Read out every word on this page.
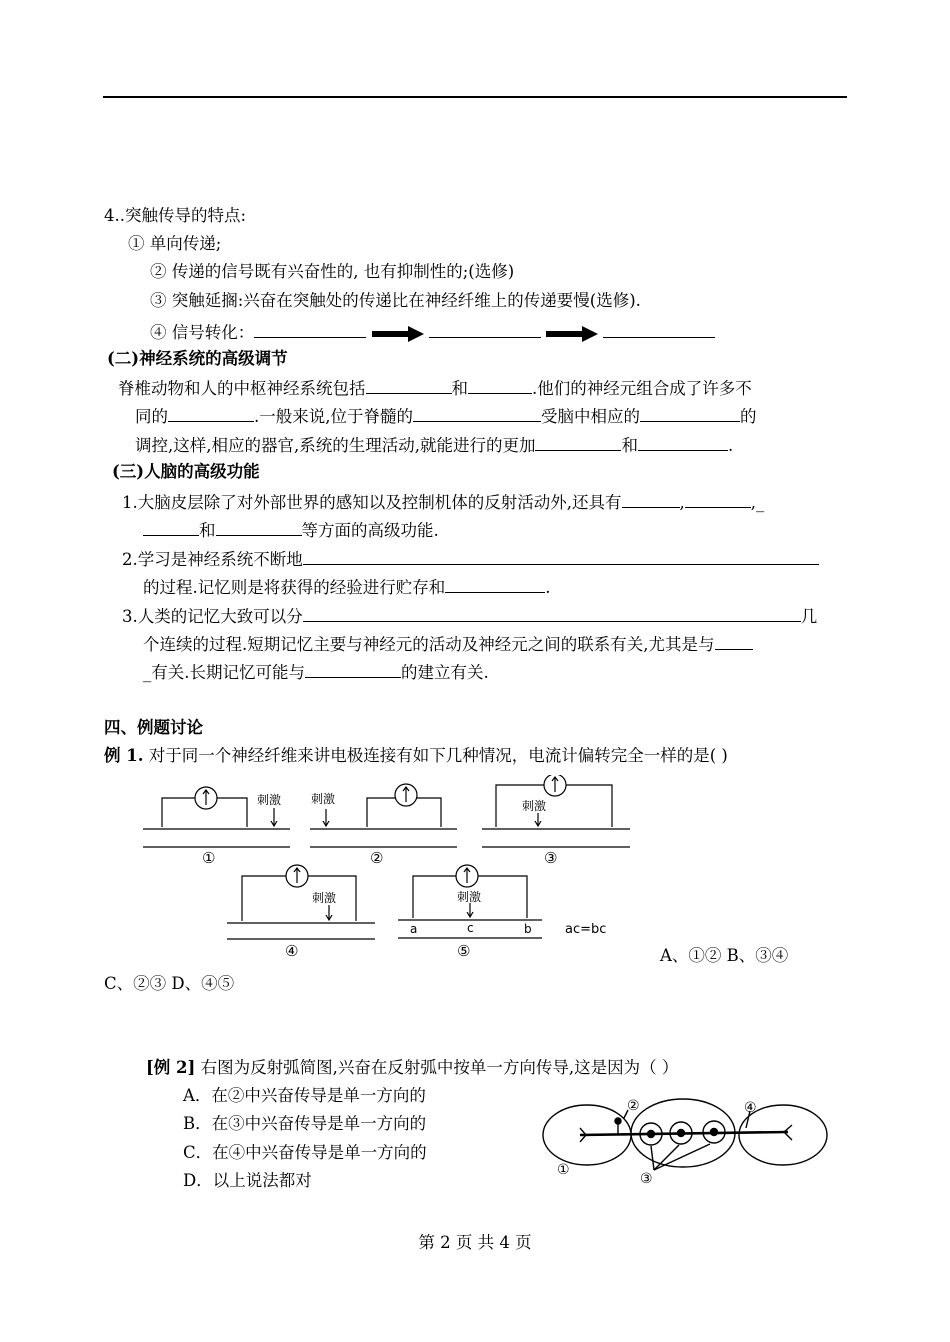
4..突触传导的特点:
① 单向传递;
② 传递的信号既有兴奋性的, 也有抑制性的;(选修)
③ 突触延搁:兴奋在突触处的传递比在神经纤维上的传递要慢(选修).
④ 信号转化：
(二)神经系统的高级调节
脊椎动物和人的中枢神经系统包括	和	.他们的神经元组合成了许多不
同的	.一般来说,位于脊髓的	受脑中相应的	的
调控,这样,相应的器官,系统的生理活动,就能进行的更加	和	.
(三)人脑的高级功能
1.大脑皮层除了对外部世界的感知以及控制机体的反射活动外,还具有	,	,_
和	等方面的高级功能.
2.学习是神经系统不断地
的过程.记忆则是将获得的经验进行贮存和	.
3.人类的记忆大致可以分	几
个连续的过程.短期记忆主要与神经元的活动及神经元之间的联系有关,尤其是与
_有关.长期记忆可能与	的建立有关.
四、例题讨论
例 1. 对于同一个神经纤维来讲电极连接有如下几种情况，电流计偏转完全一样的是( )
刺激
①
刺激
②
刺激
③
刺激
④
刺激
a	c	b
⑤
ac=bc
A、①② B、③④
C、②③ D、④⑤
[例 2] 右图为反射弧简图,兴奋在反射弧中按单一方向传导,这是因为（ ）
A．在②中兴奋传导是单一方向的
B．在③中兴奋传导是单一方向的
C．在④中兴奋传导是单一方向的
D．以上说法都对
②	④
①
③
第 2 页 共 4 页
